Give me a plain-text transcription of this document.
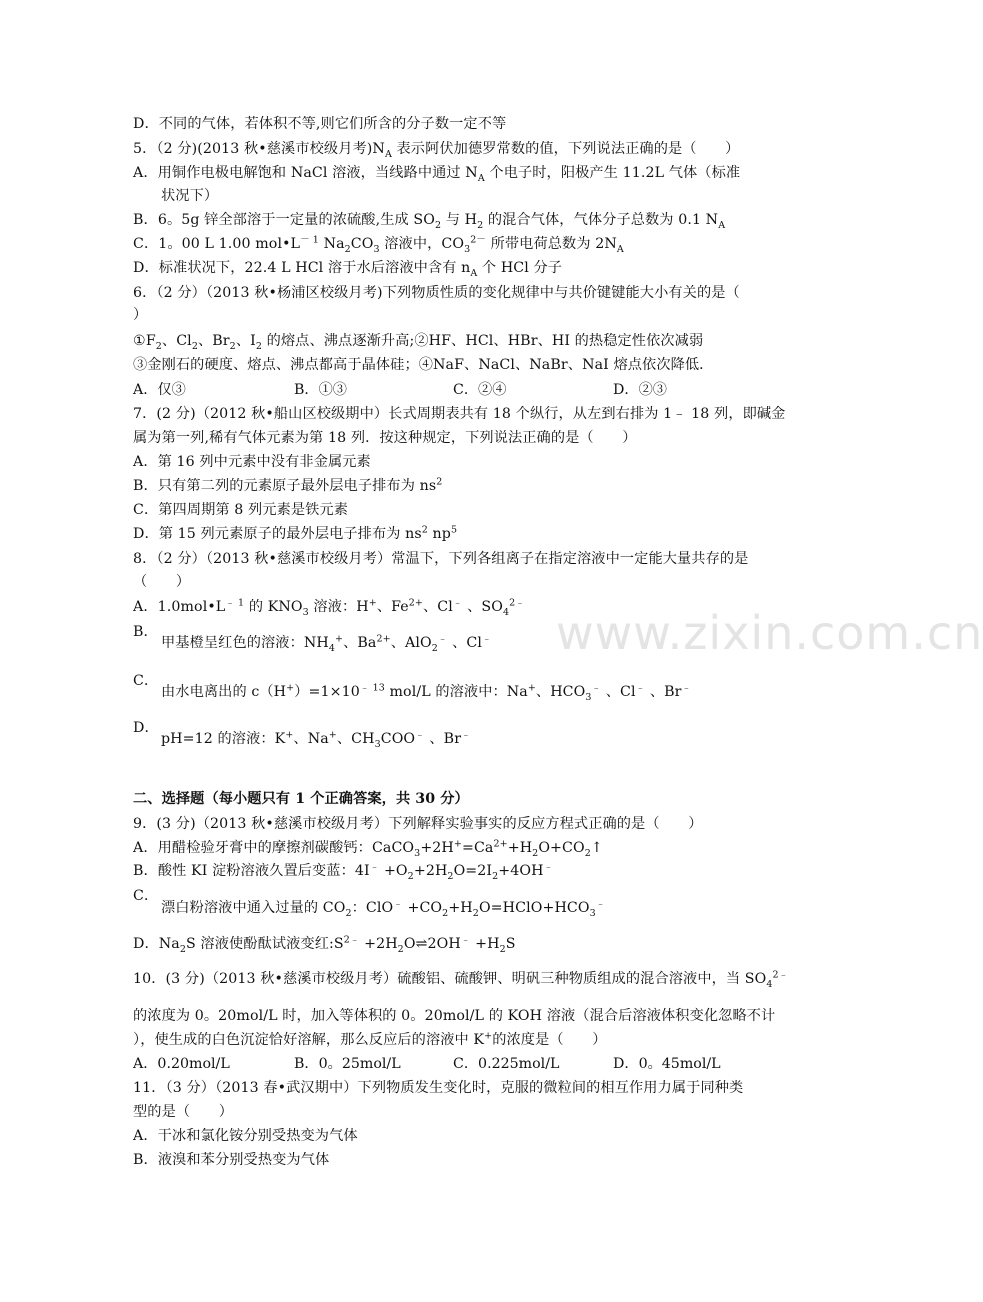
www.zixin.com.cn
D．不同的气体，若体积不等,则它们所含的分子数一定不等
5．（2 分)(2013 秋•慈溪市校级月考)$N_A$ 表示阿伏加德罗常数的值，下列说法正确的是（　　）
A．用铜作电极电解饱和 NaCl 溶液，当线路中通过 $N_A$ 个电子时，阳极产生 11.2L 气体（标准
状况下）
B．6。5g 锌全部溶于一定量的浓硫酸,生成 $SO_2$ 与 $H_2$ 的混合气体，气体分子总数为 0.1 $N_A$
C．1。00 L 1.00 $mol•L^{- 1}$ $Na_2CO_3$ 溶液中，$CO_3^{2-}$ 所带电荷总数为 $2N_A$
D．标准状况下，22.4 L HCl 溶于水后溶液中含有 $n_A$ 个 HCl 分子
6．（2 分）（2013 秋•杨浦区校级月考)下列物质性质的变化规律中与共价键键能大小有关的是（
）
$①F_2$、$Cl_2$、$Br_2$、$I_2$ 的熔点、沸点逐渐升高;②HF、HCl、HBr、HI 的热稳定性依次减弱
③金刚石的硬度、熔点、沸点都高于晶体硅；④NaF、NaCl、NaBr、NaI 熔点依次降低．
A．仅③	B．①③	C．②④	D．②③
7．(2 分)（2012 秋•船山区校级期中）长式周期表共有 18 个纵行，从左到右排为 1﹣ 18 列，即碱金
属为第一列,稀有气体元素为第 18 列．按这种规定，下列说法正确的是（　　）
A．第 16 列中元素中没有非金属元素
B．只有第二列的元素原子最外层电子排布为 $ns^2$
C．第四周期第 8 列元素是铁元素
D．第 15 列元素原子的最外层电子排布为 $ns^2$ $np^5$
8．（2 分）（2013 秋•慈溪市校级月考）常温下，下列各组离子在指定溶液中一定能大量共存的是
（　　）
A．$1.0mol•L^{﹣ 1}$ 的 $KNO_3$ 溶液：H+、$Fe^{2+}$、Cl﹣ 、$SO_4^{2﹣}$
B．
甲基橙呈红色的溶液：$NH_4^+$、$Ba^{2+}$、AlO$_2$﹣ 、Cl﹣
C．
由水电离出的 $c(H^+)=1\times 10^{﹣ 13}$ mol/L 的溶液中：Na+、$HCO_3^﹣$ 、Cl﹣ 、Br﹣
D．
pH=12 的溶液：K+、Na+、$CH_3COO^﹣$ 、Br﹣
二、选择题（每小题只有 1 个正确答案，共 30 分）
9．(3 分)（2013 秋•慈溪市校级月考）下列解释实验事实的反应方程式正确的是（　　）
A．用醋检验牙膏中的摩擦剂碳酸钙：$CaCO_3+2H^+=Ca^{2+}+H_2O+CO_2↑$
B．酸性 KI 淀粉溶液久置后变蓝：$4I^﹣ +O_2+2H_2O=2I_2+4OH^﹣$
C．
漂白粉溶液中通入过量的 $CO_2$：$ClO^﹣ +CO_2+H_2O=HClO+HCO_3^﹣$
D．$Na_2S$ 溶液使酚酞试液变红$:S^{2﹣}$ $+2H_2O\rightleftharpoons 2OH^﹣ +H_2S$
10．(3 分)（2013 秋•慈溪市校级月考）硫酸铝、硫酸钾、明矾三种物质组成的混合溶液中，当 $SO_4^{2﹣}$
的浓度为 0。20mol/L 时，加入等体积的 0。20mol/L 的 KOH 溶液（混合后溶液体积变化忽略不计
），使生成的白色沉淀恰好溶解，那么反应后的溶液中 K+的浓度是（　　）
A．0.20mol/L	B．0。25mol/L	C．0.225mol/L	D．0。45mol/L
11．（3 分）（2013 春•武汉期中）下列物质发生变化时，克服的微粒间的相互作用力属于同种类
型的是（　　）
A．干冰和氯化铵分别受热变为气体
B．液溴和苯分别受热变为气体
